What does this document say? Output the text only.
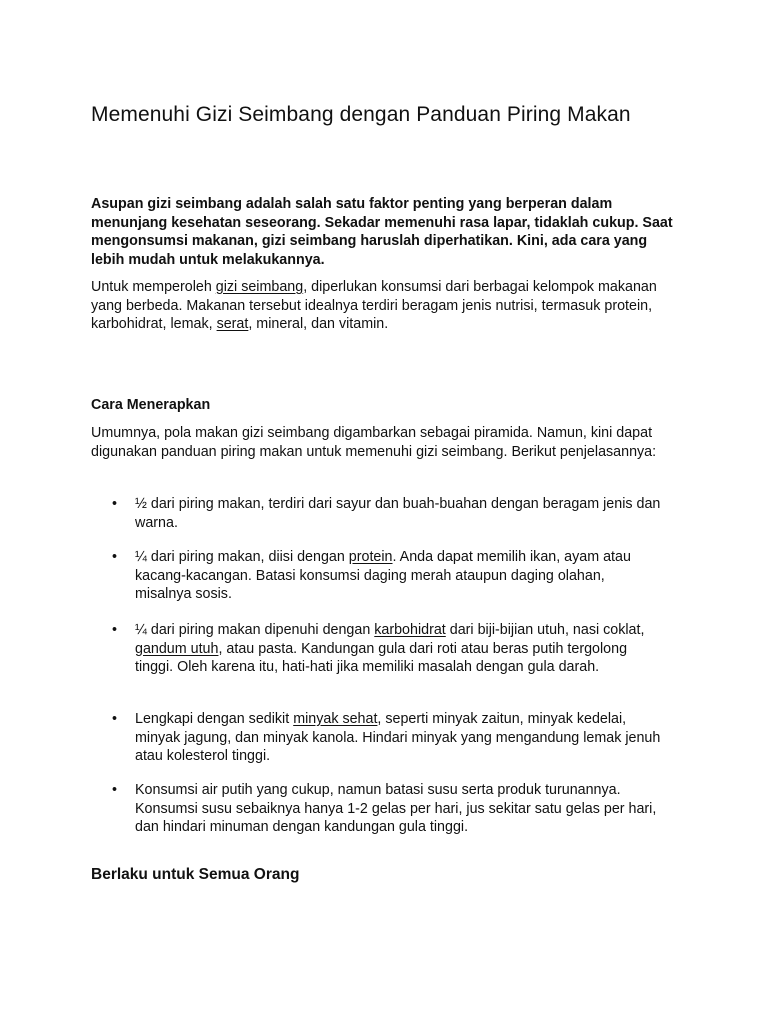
Memenuhi Gizi Seimbang dengan Panduan Piring Makan

Asupan gizi seimbang adalah salah satu faktor penting yang berperan dalam menunjang kesehatan seseorang. Sekadar memenuhi rasa lapar, tidaklah cukup. Saat mengonsumsi makanan, gizi seimbang haruslah diperhatikan. Kini, ada cara yang lebih mudah untuk melakukannya.

Untuk memperoleh gizi seimbang, diperlukan konsumsi dari berbagai kelompok makanan yang berbeda. Makanan tersebut idealnya terdiri beragam jenis nutrisi, termasuk protein, karbohidrat, lemak, serat, mineral, dan vitamin.

Cara Menerapkan

Umumnya, pola makan gizi seimbang digambarkan sebagai piramida. Namun, kini dapat digunakan panduan piring makan untuk memenuhi gizi seimbang. Berikut penjelasannya:

•	½ dari piring makan, terdiri dari sayur dan buah-buahan dengan beragam jenis dan warna.
•	¼ dari piring makan, diisi dengan protein. Anda dapat memilih ikan, ayam atau kacang-kacangan. Batasi konsumsi daging merah ataupun daging olahan, misalnya sosis.
•	¼ dari piring makan dipenuhi dengan karbohidrat dari biji-bijian utuh, nasi coklat, gandum utuh, atau pasta. Kandungan gula dari roti atau beras putih tergolong tinggi. Oleh karena itu, hati-hati jika memiliki masalah dengan gula darah.
•	Lengkapi dengan sedikit minyak sehat, seperti minyak zaitun, minyak kedelai, minyak jagung, dan minyak kanola. Hindari minyak yang mengandung lemak jenuh atau kolesterol tinggi.
•	Konsumsi air putih yang cukup, namun batasi susu serta produk turunannya. Konsumsi susu sebaiknya hanya 1-2 gelas per hari, jus sekitar satu gelas per hari, dan hindari minuman dengan kandungan gula tinggi.
Berlaku untuk Semua Orang
